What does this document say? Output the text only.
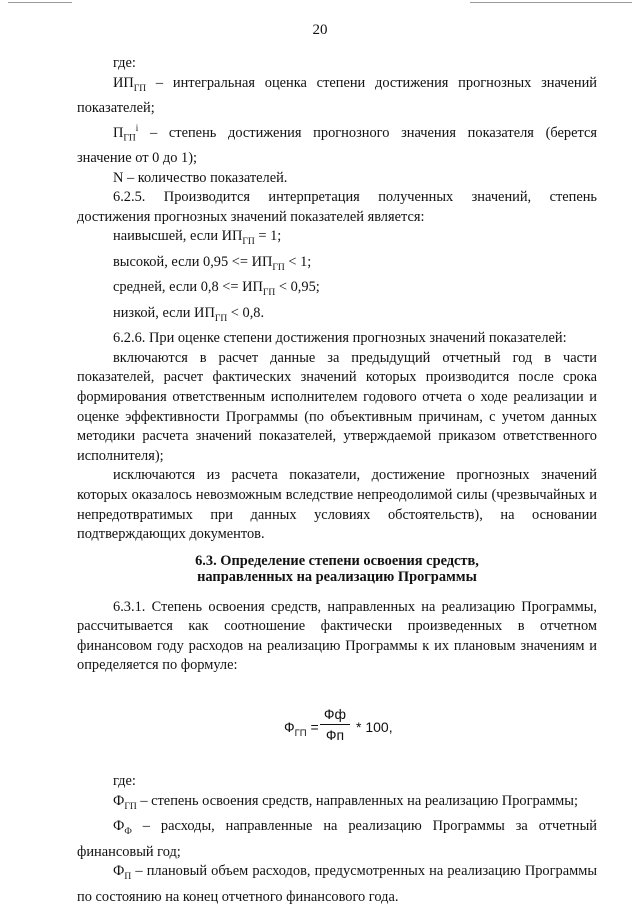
20

где:

$ИП_{ГП}$ – интегральная оценка степени достижения прогнозных значений показателей;

$П_{ГП}^i$ – степень достижения прогнозного значения показателя (берется значение от 0 до 1);

N – количество показателей.

6.2.5. Производится интерпретация полученных значений, степень достижения прогнозных значений показателей является:

наивысшей, если $ИП_{ГП} = 1$;

высокой, если $0,95 <= ИП_{ГП} < 1$;

средней, если $0,8 <= ИП_{ГП} < 0,95$;

низкой, если $ИП_{ГП} < 0,8$.

6.2.6. При оценке степени достижения прогнозных значений показателей:

включаются в расчет данные за предыдущий отчетный год в части показателей, расчет фактических значений которых производится после срока формирования ответственным исполнителем годового отчета о ходе реализации и оценке эффективности Программы (по объективным причинам, с учетом данных методики расчета значений показателей, утверждаемой приказом ответственного исполнителя);

исключаются из расчета показатели, достижение прогнозных значений которых оказалось невозможным вследствие непреодолимой силы (чрезвычайных и непредотвратимых при данных условиях обстоятельств), на основании подтверждающих документов.

6.3. Определение степени освоения средств,

направленных на реализацию Программы

6.3.1. Степень освоения средств, направленных на реализацию Программы, рассчитывается как соотношение фактически произведенных в отчетном финансовом году расходов на реализацию Программы к их плановым значениям и определяется по формуле:

$Ф_{ГП}$ =
Фф
Фп * 100,

где:

$Ф_{ГП}$ – степень освоения средств, направленных на реализацию Программы;

$Ф_Ф$ – расходы, направленные на реализацию Программы за отчетный финансовый год;

$Ф_П$ – плановый объем расходов, предусмотренных на реализацию Программы по состоянию на конец отчетного финансового года.
